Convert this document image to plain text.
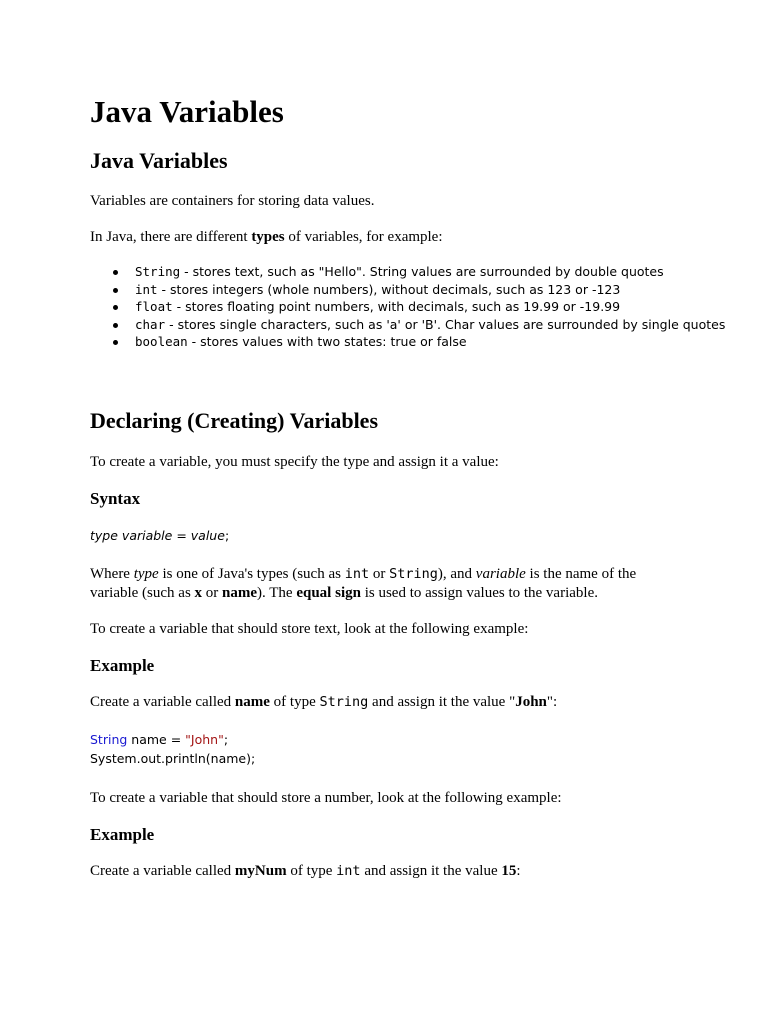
Java Variables
Java Variables
Variables are containers for storing data values.
In Java, there are different types of variables, for example:
String - stores text, such as "Hello". String values are surrounded by double quotes
int - stores integers (whole numbers), without decimals, such as 123 or -123
float - stores floating point numbers, with decimals, such as 19.99 or -19.99
char - stores single characters, such as 'a' or 'B'. Char values are surrounded by single quotes
boolean - stores values with two states: true or false
Declaring (Creating) Variables
To create a variable, you must specify the type and assign it a value:
Syntax
type variable = value;
Where type is one of Java's types (such as int or String), and variable is the name of the
variable (such as x or name). The equal sign is used to assign values to the variable.
To create a variable that should store text, look at the following example:
Example
Create a variable called name of type String and assign it the value "John":
String name = "John";
System.out.println(name);
To create a variable that should store a number, look at the following example:
Example
Create a variable called myNum of type int and assign it the value 15:
